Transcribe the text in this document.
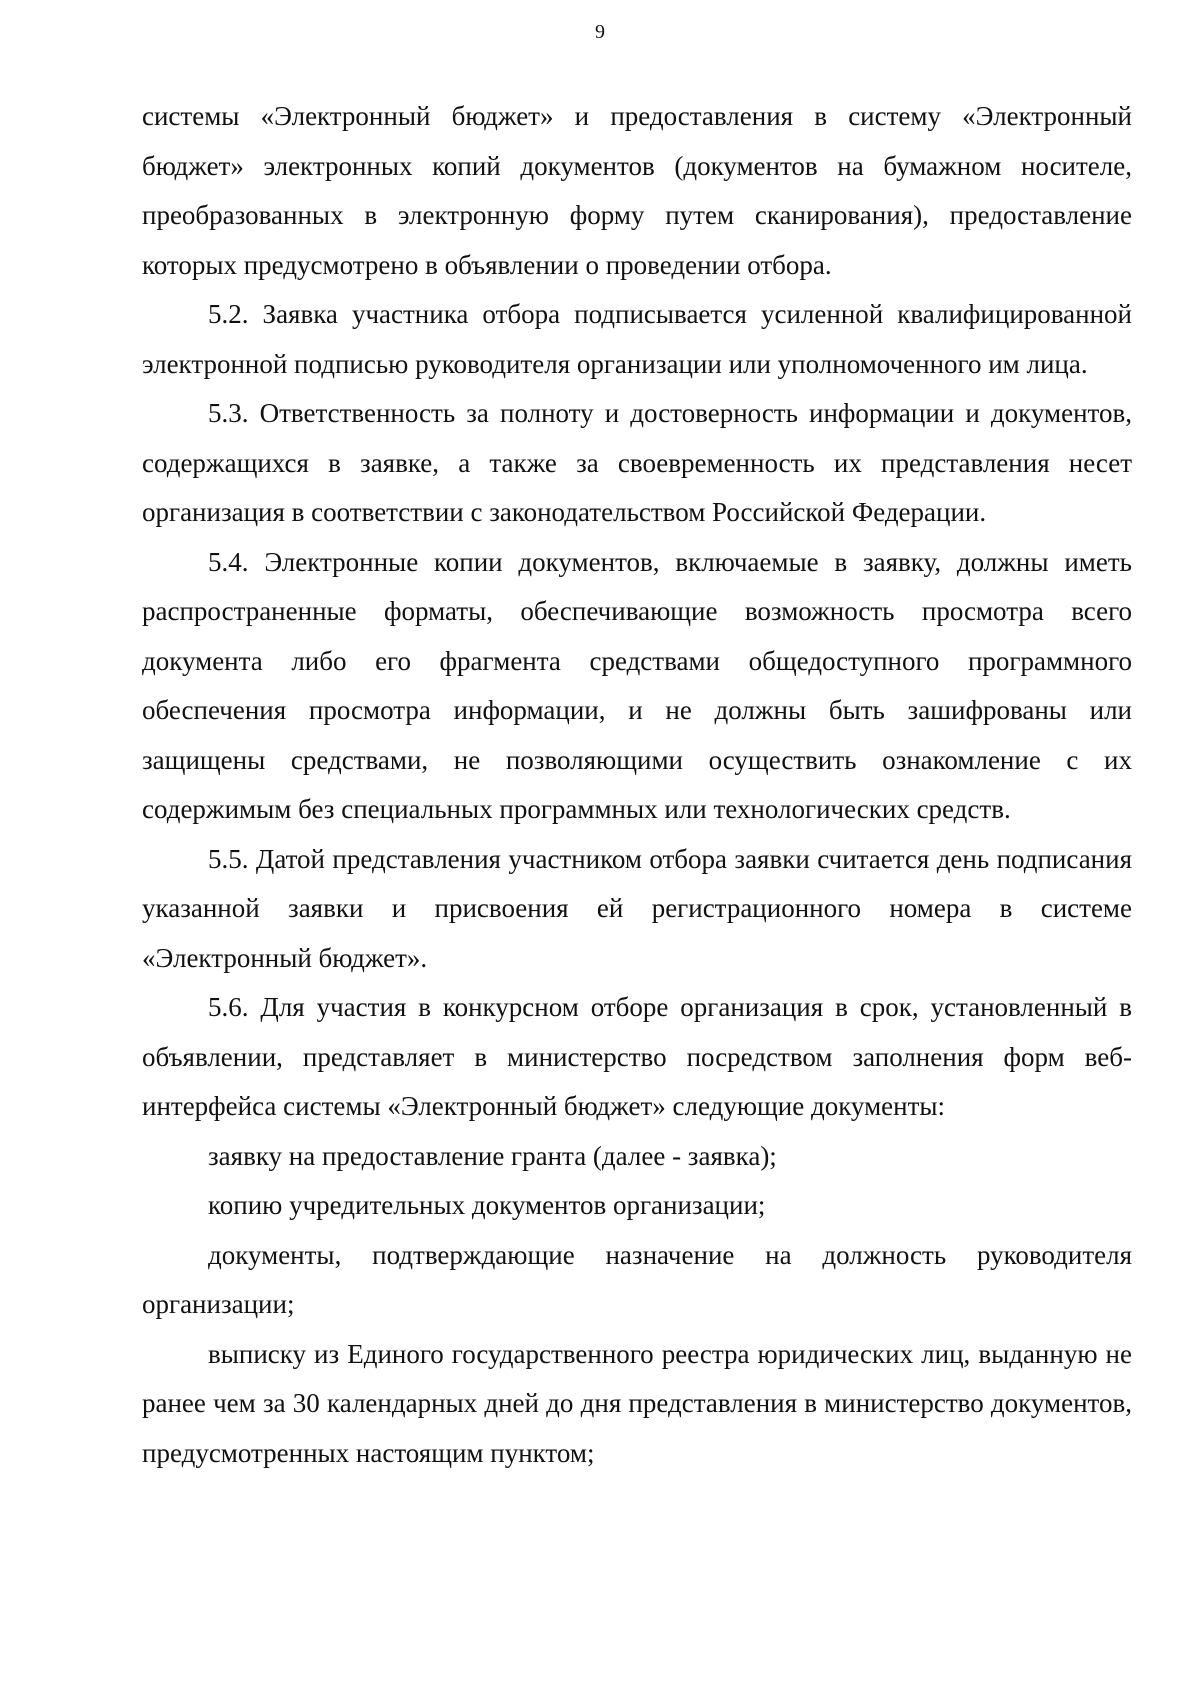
9

системы «Электронный бюджет» и предоставления в систему «Электронный бюджет» электронных копий документов (документов на бумажном носителе, преобразованных в электронную форму путем сканирования), предоставление которых предусмотрено в объявлении о проведении отбора.

5.2. Заявка участника отбора подписывается усиленной квалифицированной электронной подписью руководителя организации или уполномоченного им лица.

5.3. Ответственность за полноту и достоверность информации и документов, содержащихся в заявке, а также за своевременность их представления несет организация в соответствии с законодательством Российской Федерации.

5.4. Электронные копии документов, включаемые в заявку, должны иметь распространенные форматы, обеспечивающие возможность просмотра всего документа либо его фрагмента средствами общедоступного программного обеспечения просмотра информации, и не должны быть зашифрованы или защищены средствами, не позволяющими осуществить ознакомление с их содержимым без специальных программных или технологических средств.

5.5. Датой представления участником отбора заявки считается день подписания указанной заявки и присвоения ей регистрационного номера в системе «Электронный бюджет».

5.6. Для участия в конкурсном отборе организация в срок, установленный в объявлении, представляет в министерство посредством заполнения форм веб-интерфейса системы «Электронный бюджет» следующие документы:

заявку на предоставление гранта (далее - заявка);

копию учредительных документов организации;

документы, подтверждающие назначение на должность руководителя организации;

выписку из Единого государственного реестра юридических лиц, выданную не ранее чем за 30 календарных дней до дня представления в министерство документов, предусмотренных настоящим пунктом;
